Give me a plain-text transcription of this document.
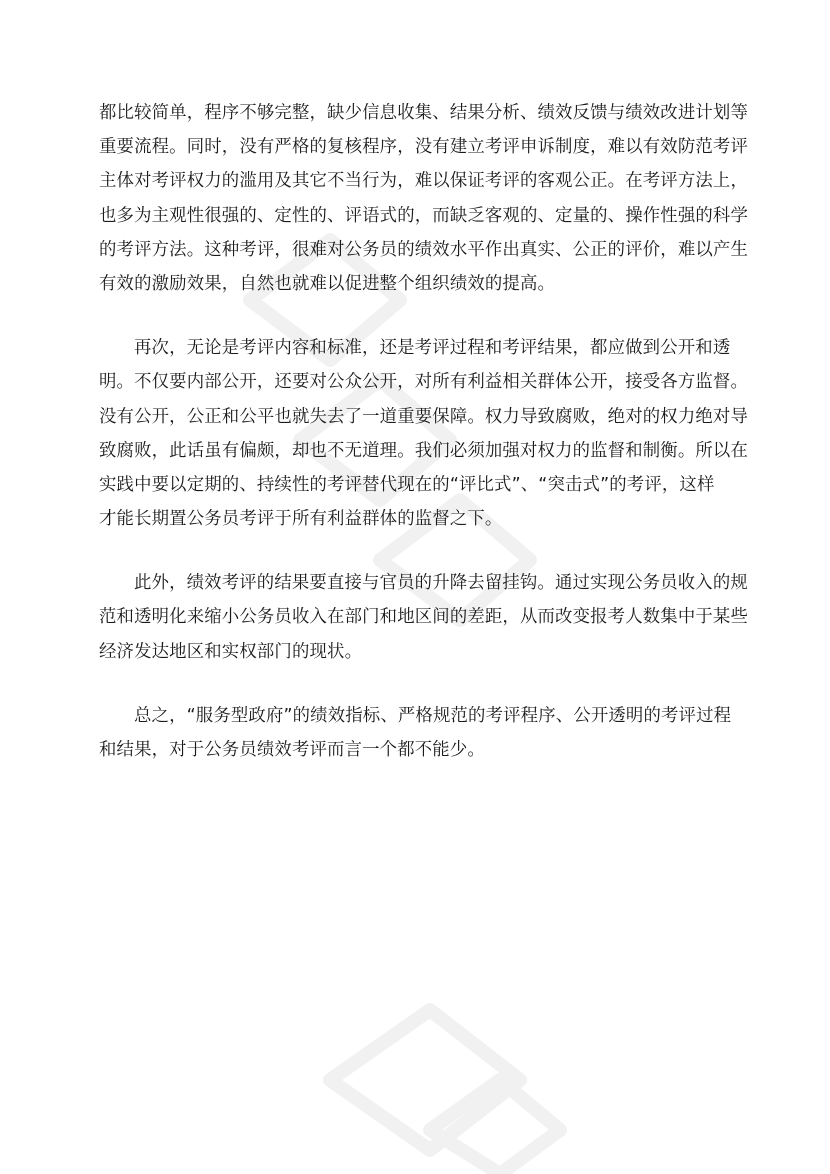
都比较简单，程序不够完整，缺少信息收集、结果分析、绩效反馈与绩效改进计划等
重要流程。同时，没有严格的复核程序，没有建立考评申诉制度，难以有效防范考评
主体对考评权力的滥用及其它不当行为，难以保证考评的客观公正。在考评方法上，
也多为主观性很强的、定性的、评语式的，而缺乏客观的、定量的、操作性强的科学
的考评方法。这种考评，很难对公务员的绩效水平作出真实、公正的评价，难以产生
有效的激励效果，自然也就难以促进整个组织绩效的提高。

再次，无论是考评内容和标准，还是考评过程和考评结果，都应做到公开和透
明。不仅要内部公开，还要对公众公开，对所有利益相关群体公开，接受各方监督。
没有公开，公正和公平也就失去了一道重要保障。权力导致腐败，绝对的权力绝对导
致腐败，此话虽有偏颇，却也不无道理。我们必须加强对权力的监督和制衡。所以在
实践中要以定期的、持续性的考评替代现在的“评比式”、“突击式”的考评，这样
才能长期置公务员考评于所有利益群体的监督之下。

此外，绩效考评的结果要直接与官员的升降去留挂钩。通过实现公务员收入的规
范和透明化来缩小公务员收入在部门和地区间的差距，从而改变报考人数集中于某些
经济发达地区和实权部门的现状。

总之，“服务型政府”的绩效指标、严格规范的考评程序、公开透明的考评过程
和结果，对于公务员绩效考评而言一个都不能少。
